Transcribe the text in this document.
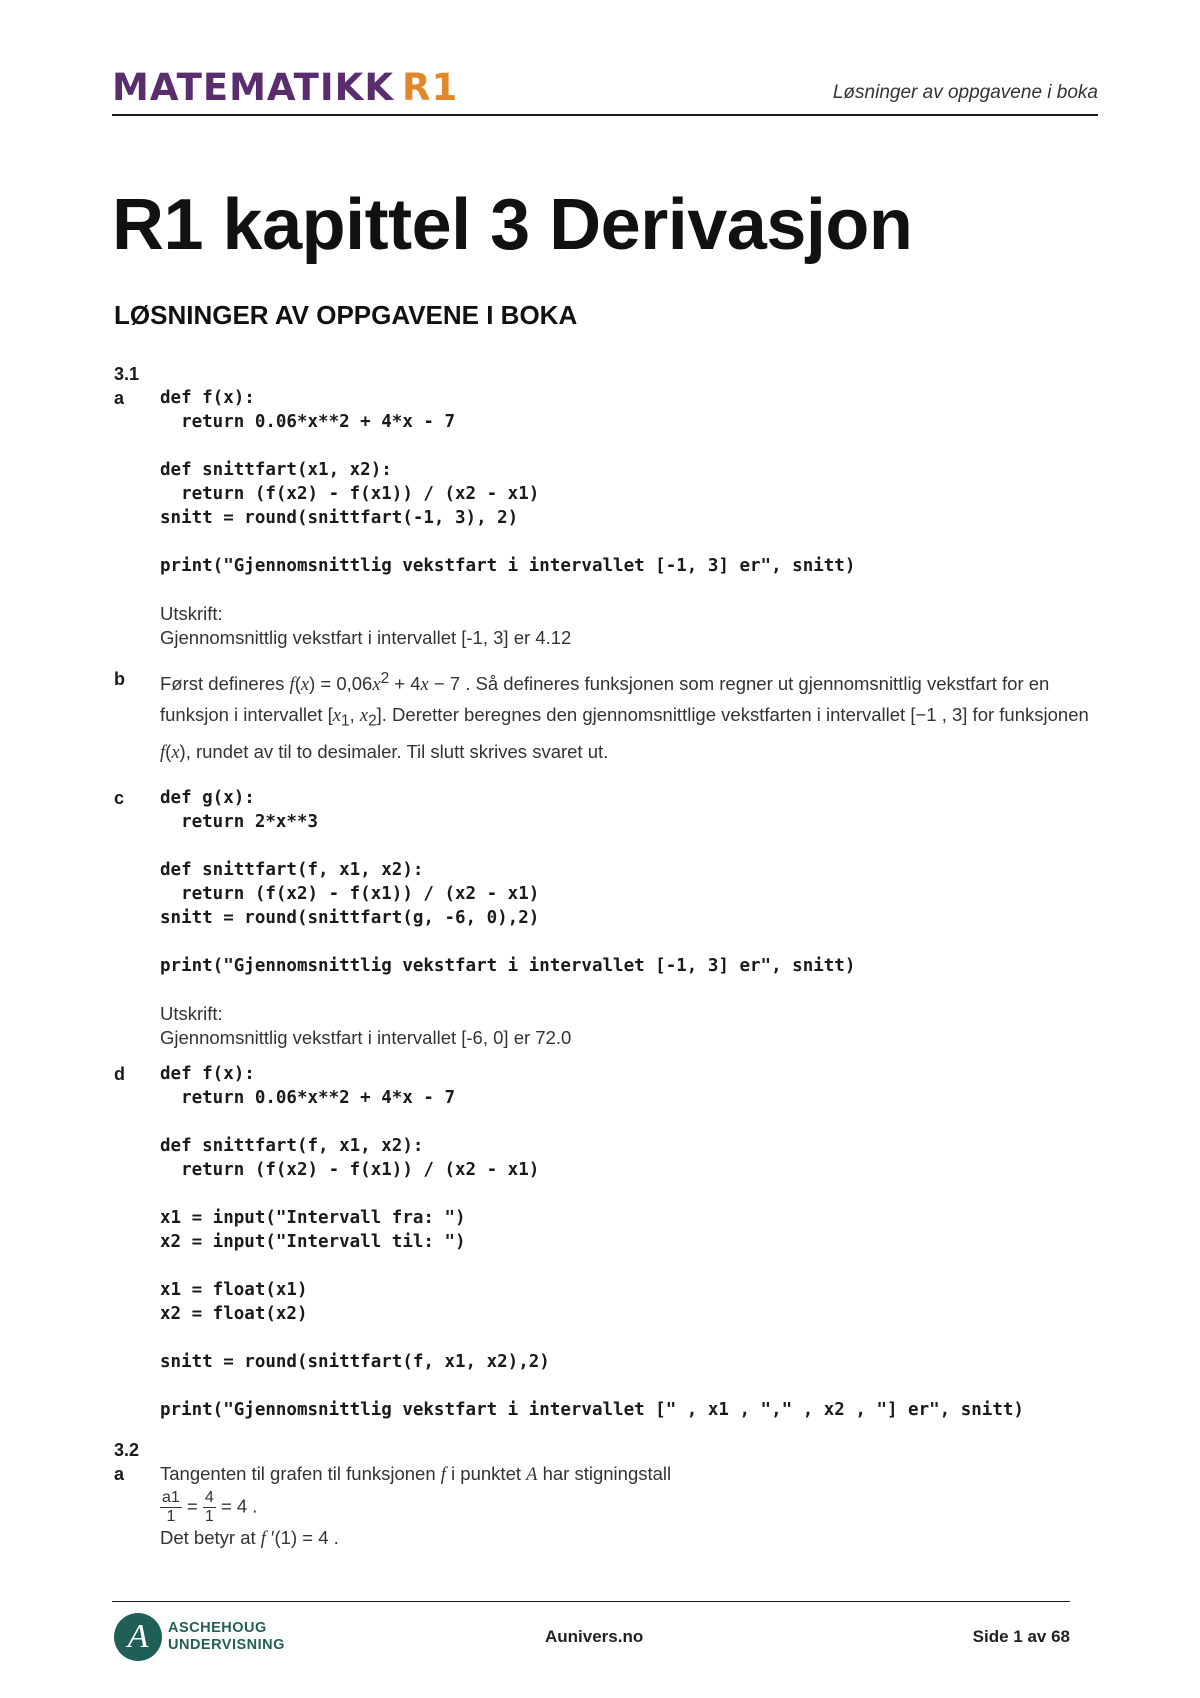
MATEMATIKK R1	Løsninger av oppgavene i boka
R1 kapittel 3 Derivasjon
LØSNINGER AV OPPGAVENE I BOKA
3.1
a def f(x):
return 0.06*x**2 + 4*x - 7

def snittfart(x1, x2):
return (f(x2) - f(x1)) / (x2 - x1)
snitt = round(snittfart(-1, 3), 2)

print("Gjennomsnittlig vekstfart i intervallet [-1, 3] er", snitt)
Utskrift:
Gjennomsnittlig vekstfart i intervallet [-1, 3] er 4.12
b Først defineres $f(x) = 0,06x^2 + 4x - 7$ . Så defineres funksjonen som regner ut gjennomsnittlig vekstfart for en funksjon i intervallet [$x_1$, $x_2$]. Deretter beregnes den gjennomsnittlige vekstfarten i intervallet [−1 , 3] for funksjonen f(x), rundet av til to desimaler. Til slutt skrives svaret ut.
c def g(x):
return 2*x**3

def snittfart(f, x1, x2):
return (f(x2) - f(x1)) / (x2 - x1)
snitt = round(snittfart(g, -6, 0),2)

print("Gjennomsnittlig vekstfart i intervallet [-1, 3] er", snitt)
Utskrift:
Gjennomsnittlig vekstfart i intervallet [-6, 0] er 72.0
d def f(x):
return 0.06*x**2 + 4*x - 7

def snittfart(f, x1, x2):
return (f(x2) - f(x1)) / (x2 - x1)

x1 = input("Intervall fra: ")
x2 = input("Intervall til: ")

x1 = float(x1)
x2 = float(x2)

snitt = round(snittfart(f, x1, x2),2)

print("Gjennomsnittlig vekstfart i intervallet [" , x1 , "," , x2 , "] er", snitt)
3.2
a Tangenten til grafen til funksjonen f i punktet A har stigningstall
$\frac{a1}{1} = \frac{4}{1} = 4$ .
Det betyr at f ′(1) = 4 .
A	ASCHEHOUG
UNDERVISNING	Aunivers.no	Side 1 av 68
